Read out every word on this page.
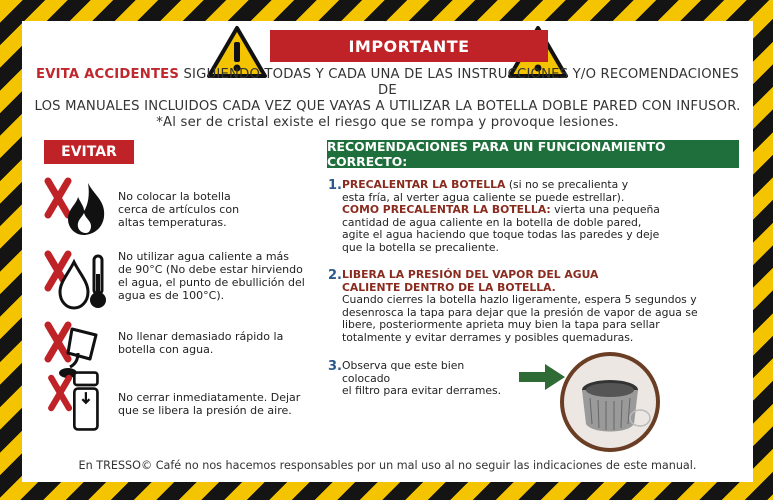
IMPORTANTE
EVITA ACCIDENTES SIGUIENDO TODAS Y CADA UNA DE LAS INSTRUCCIONES Y/O RECOMENDACIONES DE
LOS MANUALES INCLUIDOS CADA VEZ QUE VAYAS A UTILIZAR LA BOTELLA DOBLE PARED CON INFUSOR.
*Al ser de cristal existe el riesgo que se rompa y provoque lesiones.
EVITAR
No colocar la botella
cerca de artículos con
altas temperaturas.
No utilizar agua caliente a más
de 90°C (No debe estar hirviendo
el agua, el punto de ebullición del
agua es de 100°C).
No llenar demasiado rápido la
botella con agua.
No cerrar inmediatamente. Dejar
que se libera la presión de aire.
RECOMENDACIONES PARA UN FUNCIONAMIENTO CORRECTO:
1. PRECALENTAR LA BOTELLA (si no se precalienta y
esta fría, al verter agua caliente se puede estrellar).
COMO PRECALENTAR LA BOTELLA: vierta una pequeña
cantidad de agua caliente en la botella de doble pared,
agite el agua haciendo que toque todas las paredes y deje
que la botella se precaliente.
2. LIBERA LA PRESIÓN DEL VAPOR DEL AGUA
CALIENTE DENTRO DE LA BOTELLA.
Cuando cierres la botella hazlo ligeramente, espera 5 segundos y
desenrosca la tapa para dejar que la presión de vapor de agua se
libere, posteriormente aprieta muy bien la tapa para sellar
totalmente y evitar derrames y posibles quemaduras.
3. Observa que este bien colocado
el filtro para evitar derrames.
En TRESSO© Café no nos hacemos responsables por un mal uso al no seguir las indicaciones de este manual.
